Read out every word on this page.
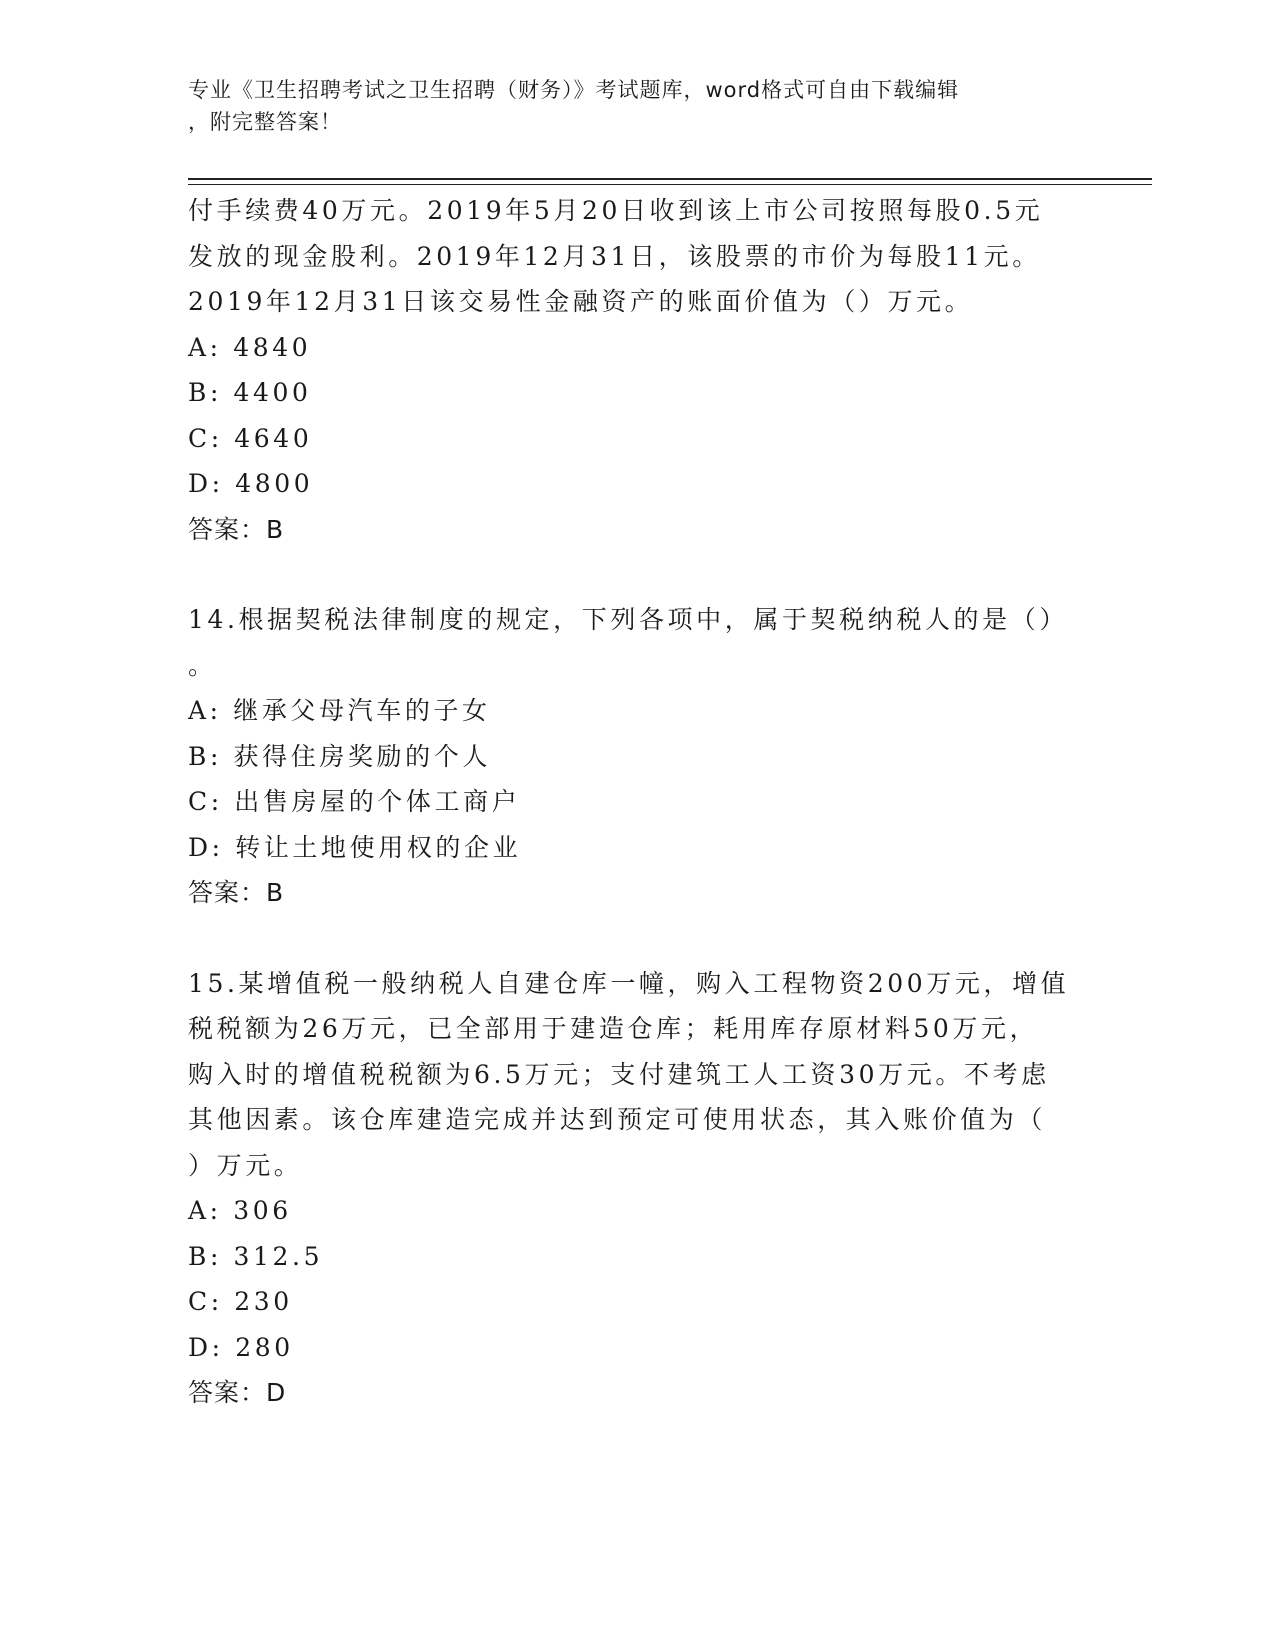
专业《卫生招聘考试之卫生招聘（财务）》考试题库，word格式可自由下载编辑
，附完整答案！

付手续费40万元。2019年5月20日收到该上市公司按照每股0.5元

发放的现金股利。2019年12月31日，该股票的市价为每股11元。

2019年12月31日该交易性金融资产的账面价值为（）万元。

A: 4840

B: 4400

C: 4640

D: 4800

答案：B

14.根据契税法律制度的规定，下列各项中，属于契税纳税人的是（）

。

A: 继承父母汽车的子女

B: 获得住房奖励的个人

C: 出售房屋的个体工商户

D: 转让土地使用权的企业

答案：B

15.某增值税一般纳税人自建仓库一幢，购入工程物资200万元，增值

税税额为26万元，已全部用于建造仓库；耗用库存原材料50万元，

购入时的增值税税额为6.5万元；支付建筑工人工资30万元。不考虑

其他因素。该仓库建造完成并达到预定可使用状态，其入账价值为（

）万元。

A: 306

B: 312.5

C: 230

D: 280

答案：D
